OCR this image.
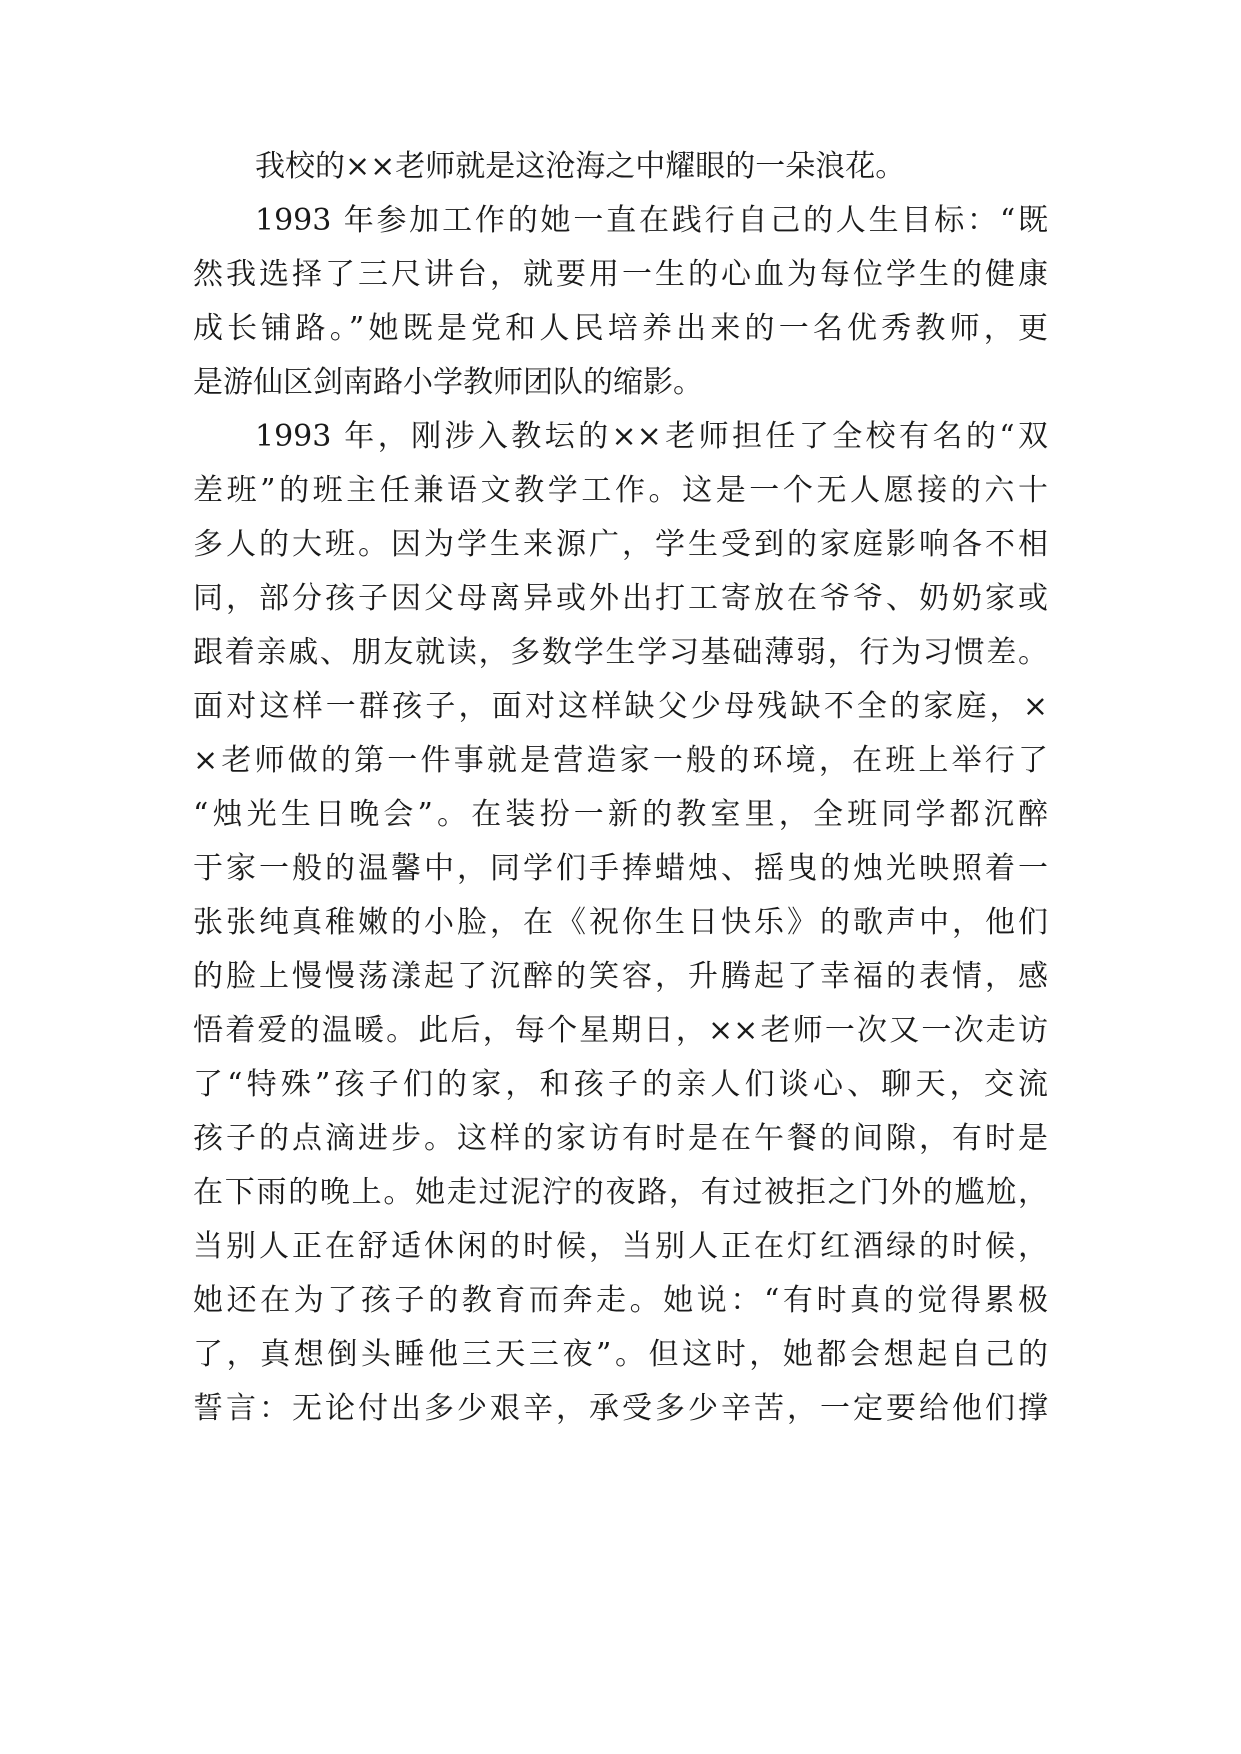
我校的××老师就是这沧海之中耀眼的一朵浪花。
1993 年参加工作的她一直在践行自己的人生目标：“既
然我选择了三尺讲台，就要用一生的心血为每位学生的健康
成长铺路。”她既是党和人民培养出来的一名优秀教师，更
是游仙区剑南路小学教师团队的缩影。
1993 年，刚涉入教坛的××老师担任了全校有名的“双
差班”的班主任兼语文教学工作。这是一个无人愿接的六十
多人的大班。因为学生来源广，学生受到的家庭影响各不相
同，部分孩子因父母离异或外出打工寄放在爷爷、奶奶家或
跟着亲戚、朋友就读，多数学生学习基础薄弱，行为习惯差。
面对这样一群孩子，面对这样缺父少母残缺不全的家庭，×
×老师做的第一件事就是营造家一般的环境，在班上举行了
“烛光生日晚会”。在装扮一新的教室里，全班同学都沉醉
于家一般的温馨中，同学们手捧蜡烛、摇曳的烛光映照着一
张张纯真稚嫩的小脸，在《祝你生日快乐》的歌声中，他们
的脸上慢慢荡漾起了沉醉的笑容，升腾起了幸福的表情，感
悟着爱的温暖。此后，每个星期日，××老师一次又一次走访
了“特殊”孩子们的家，和孩子的亲人们谈心、聊天，交流
孩子的点滴进步。这样的家访有时是在午餐的间隙，有时是
在下雨的晚上。她走过泥泞的夜路，有过被拒之门外的尴尬，
当别人正在舒适休闲的时候，当别人正在灯红酒绿的时候，
她还在为了孩子的教育而奔走。她说：“有时真的觉得累极
了，真想倒头睡他三天三夜”。但这时，她都会想起自己的
誓言：无论付出多少艰辛，承受多少辛苦，一定要给他们撑
